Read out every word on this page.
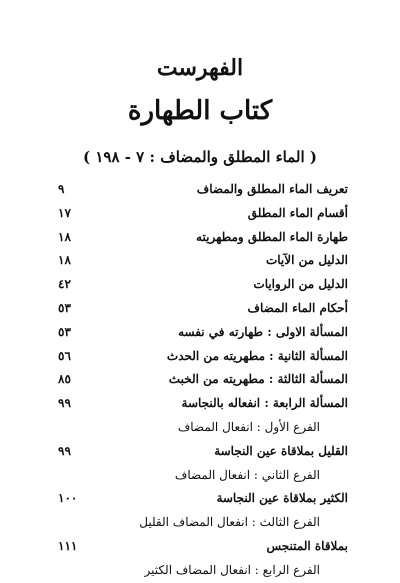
الفهرست
كتاب الطهارة
( الماء المطلق والمضاف : ٧ - ١٩٨ )
تعريف الماء المطلق والمضاف
٩
أقسام الماء المطلق
١٧
طهارة الماء المطلق ومطهريته
١٨
الدليل من الآيات
١٨
الدليل من الروايات
٤٢
أحكام الماء المضاف
٥٣
المسألة الاولى : طهارته في نفسه
٥٣
المسألة الثانية : مطهريته من الحدث
٥٦
المسألة الثالثة : مطهريته من الخبث
٨٥
المسألة الرابعة : انفعاله بالنجاسة
٩٩
الفرع الأول : انفعال المضاف
القليل بملاقاة عين النجاسة
٩٩
الفرع الثاني : انفعال المضاف
الكثير بملاقاة عين النجاسة
١٠٠
الفرع الثالث : انفعال المضاف القليل
بملاقاة المتنجس
١١١
الفرع الرابع : انفعال المضاف الكثير
